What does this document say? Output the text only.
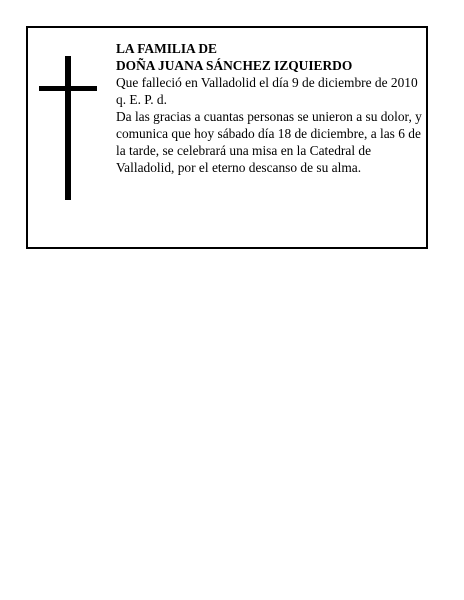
LA FAMILIA DE
DOÑA JUANA SÁNCHEZ IZQUIERDO

Que falleció en Valladolid el día 9 de diciembre de 2010

q. E. P. d.

Da las gracias a cuantas personas se unieron a su dolor, y comunica que hoy sábado día 18 de diciembre, a las 6 de la tarde, se celebrará una misa en la Catedral de Valladolid, por el eterno descanso de su alma.
